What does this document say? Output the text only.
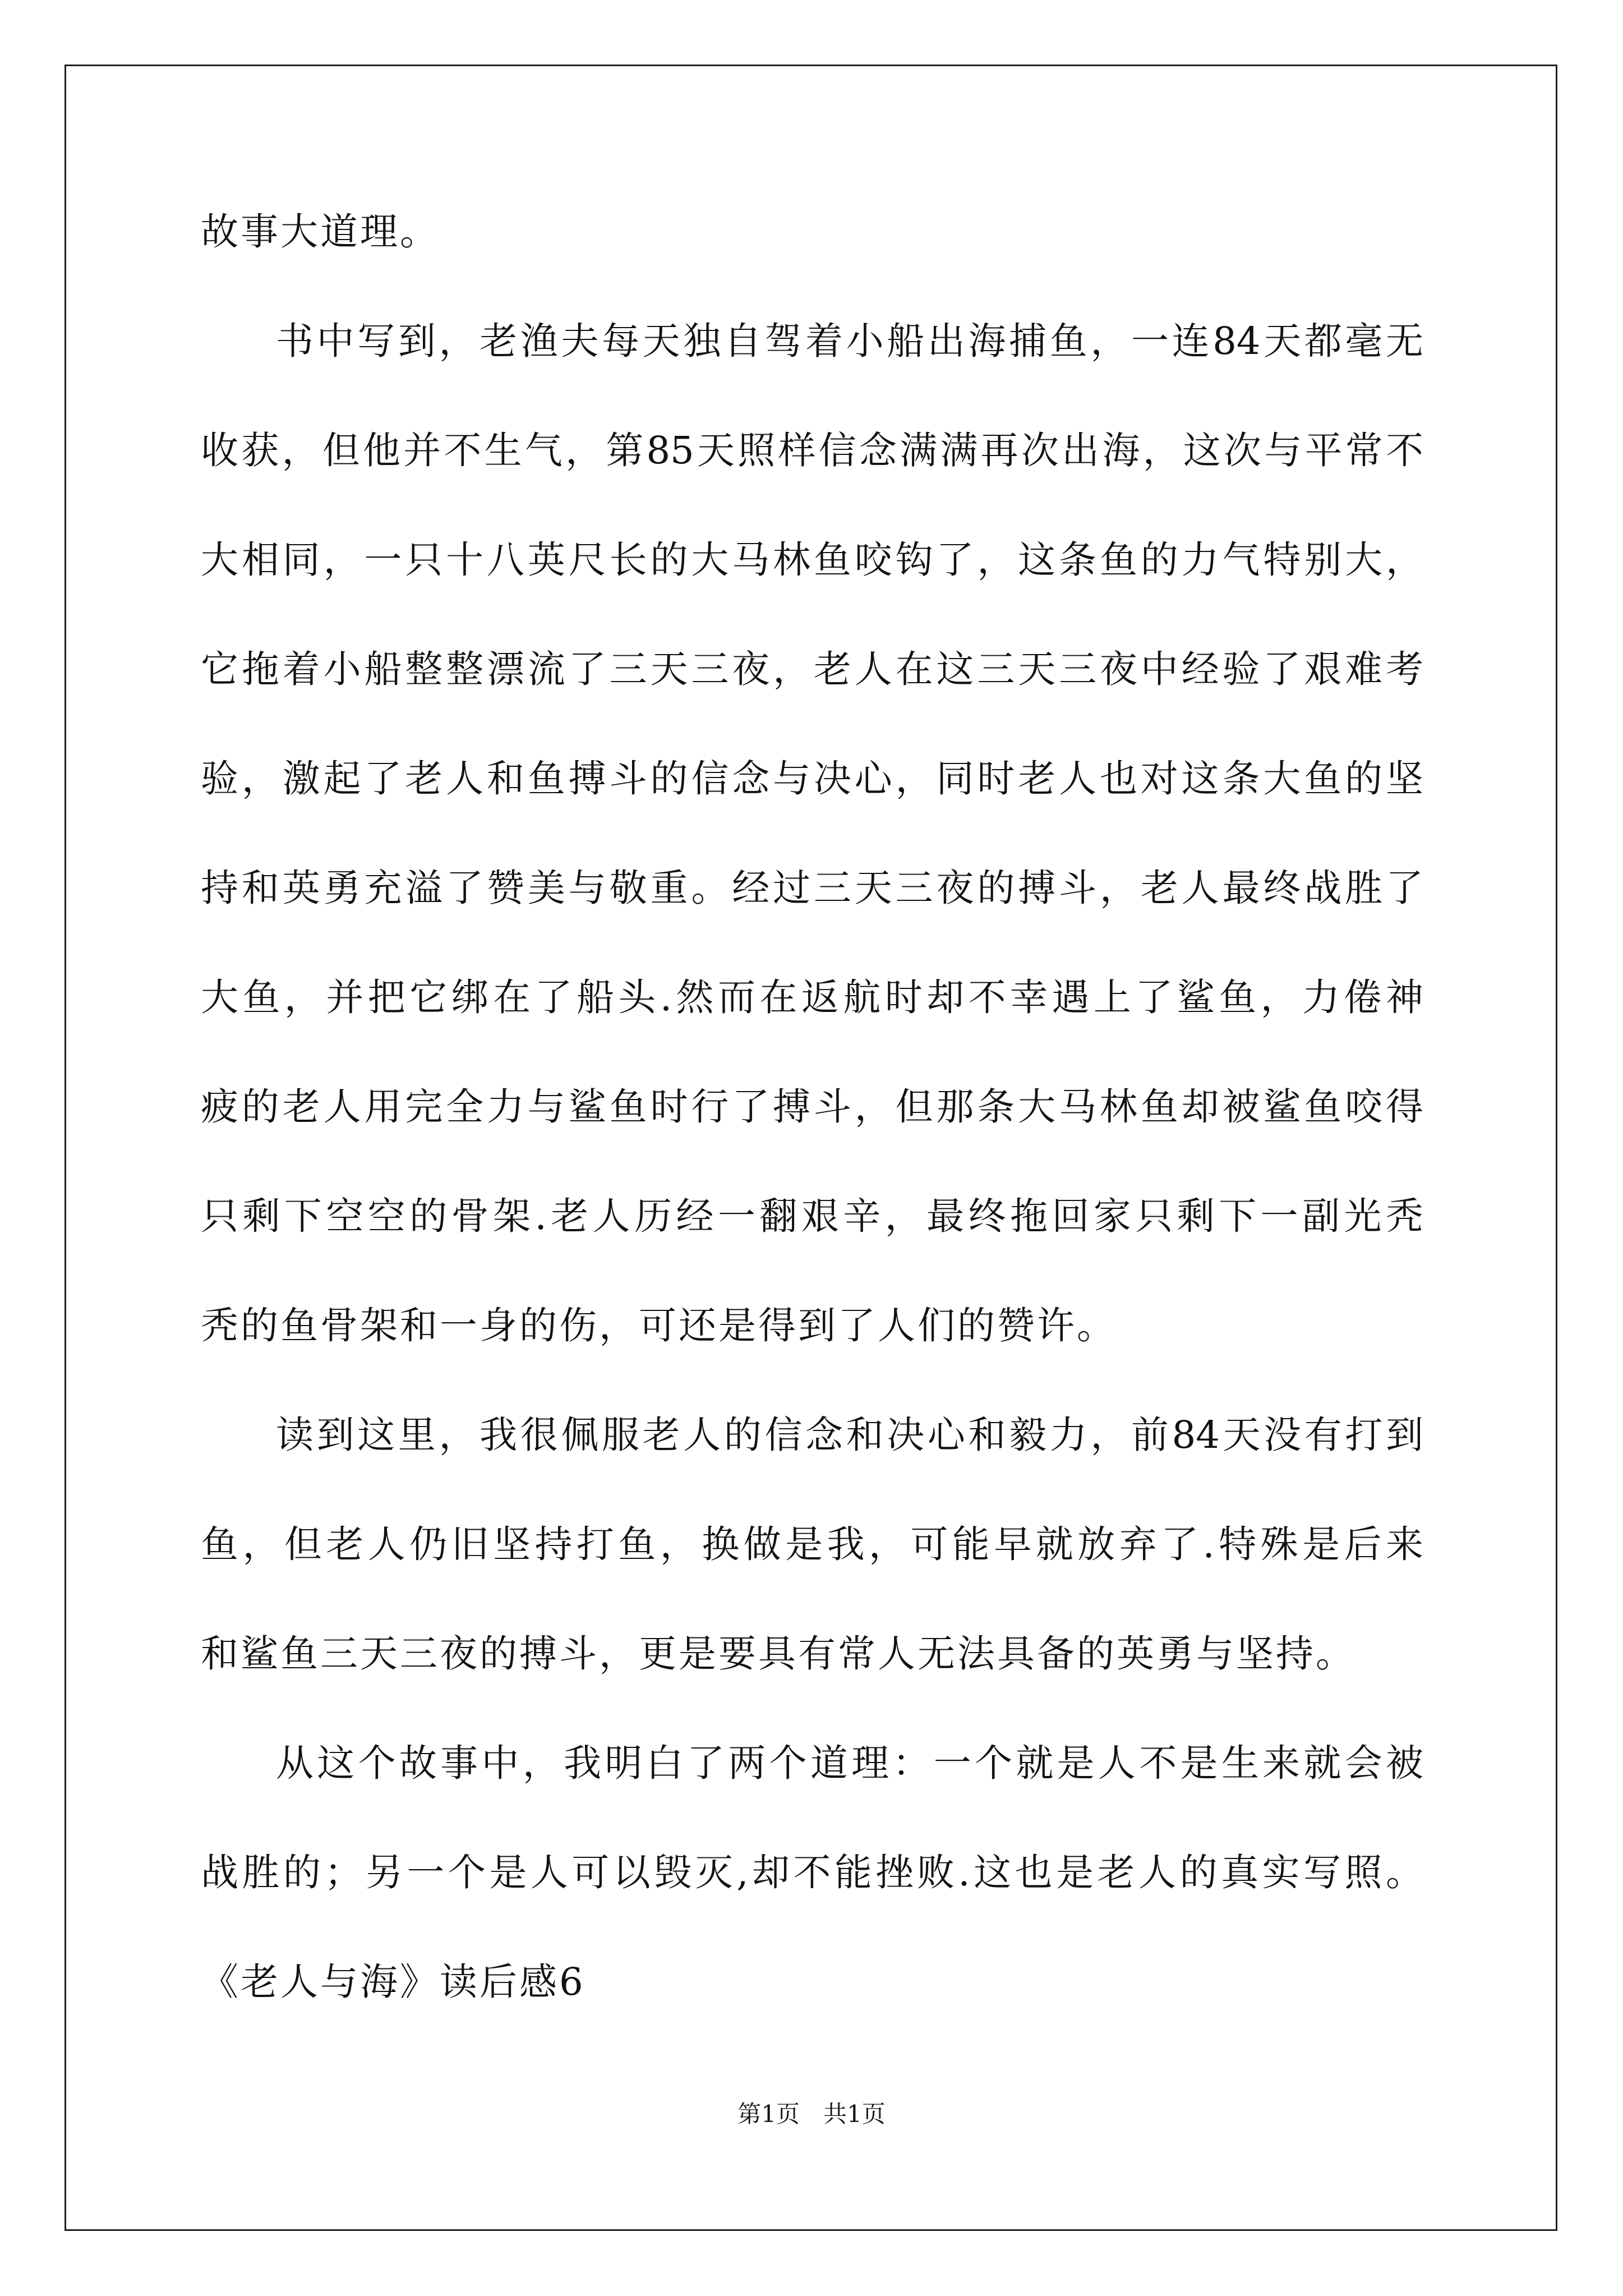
故事大道理。

书中写到，老渔夫每天独自驾着小船出海捕鱼，一连84天都毫无

收获，但他并不生气，第85天照样信念满满再次出海，这次与平常不

大相同，一只十八英尺长的大马林鱼咬钩了，这条鱼的力气特别大，

它拖着小船整整漂流了三天三夜，老人在这三天三夜中经验了艰难考

验，激起了老人和鱼搏斗的信念与决心，同时老人也对这条大鱼的坚

持和英勇充溢了赞美与敬重。经过三天三夜的搏斗，老人最终战胜了

大鱼，并把它绑在了船头.然而在返航时却不幸遇上了鲨鱼，力倦神

疲的老人用完全力与鲨鱼时行了搏斗，但那条大马林鱼却被鲨鱼咬得

只剩下空空的骨架.老人历经一翻艰辛，最终拖回家只剩下一副光秃

秃的鱼骨架和一身的伤，可还是得到了人们的赞许。

读到这里，我很佩服老人的信念和决心和毅力，前84天没有打到

鱼，但老人仍旧坚持打鱼，换做是我，可能早就放弃了.特殊是后来

和鲨鱼三天三夜的搏斗，更是要具有常人无法具备的英勇与坚持。

从这个故事中，我明白了两个道理：一个就是人不是生来就会被

战胜的；另一个是人可以毁灭,却不能挫败.这也是老人的真实写照。

《老人与海》读后感6

第1页　共1页
